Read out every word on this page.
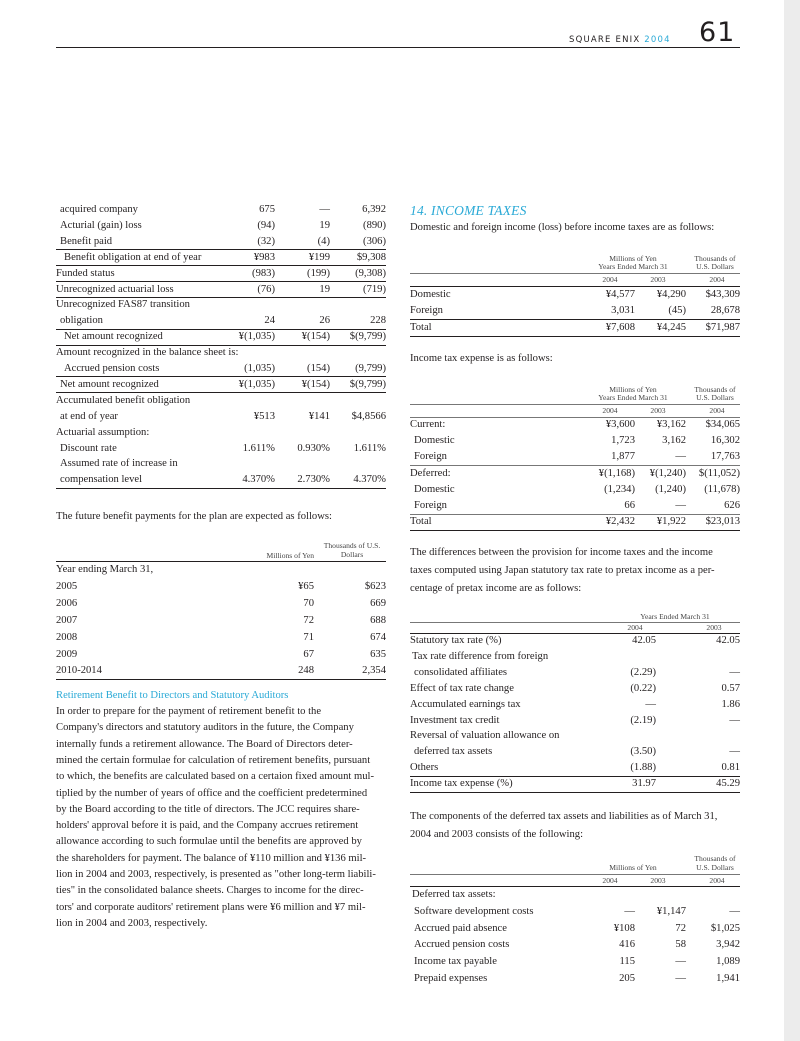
SQUARE ENIX 2004 61
acquired company	675	—	6,392
Acturial (gain) loss	(94)	19	(890)
Benefit paid	(32)	(4)	(306)
Benefit obligation at end of year	¥983	¥199	$9,308
Funded status	(983)	(199)	(9,308)
Unrecognized actuarial loss	(76)	19	(719)
Unrecognized FAS87 transition
obligation	24	26	228
Net amount recognized	¥(1,035)	¥(154)	$(9,799)
Amount recognized in the balance sheet is:
Accrued pension costs	(1,035)	(154)	(9,799)
Net amount recognized	¥(1,035)	¥(154)	$(9,799)
Accumulated benefit obligation
at end of year	¥513	¥141	$4,8566
Actuarial assumption:
Discount rate	1.611%	0.930%	1.611%
Assumed rate of increase in
compensation level	4.370%	2.730%	4.370%
The future benefit payments for the plan are expected as follows:
Millions of Yen
Thousands of U.S.
Dollars
Year ending March 31,
2005	¥65	$623
2006	70	669
2007	72	688
2008	71	674
2009	67	635
2010-2014	248	2,354
Retirement Benefit to Directors and Statutory Auditors
In order to prepare for the payment of retirement benefit to the
Company's directors and statutory auditors in the future, the Company
internally funds a retirement allowance. The Board of Directors deter-
mined the certain formulae for calculation of retirement benefits, pursuant
to which, the benefits are calculated based on a certaion fixed amount mul-
tiplied by the number of years of office and the coefficient predetermined
by the Board according to the title of directors. The JCC requires share-
holders' approval before it is paid, and the Company accrues retirement
allowance according to such formulae until the benefits are approved by
the shareholders for payment. The balance of ¥110 million and ¥136 mil-
lion in 2004 and 2003, respectively, is presented as "other long-term liabili-
ties" in the consolidated balance sheets. Charges to income for the direc-
tors' and corporate auditors' retirement plans were ¥6 million and ¥7 mil-
lion in 2004 and 2003, respectively.
14. INCOME TAXES
Domestic and foreign income (loss) before income taxes are as follows:
Millions of Yen
Years Ended March 31
Thousands of
U.S. Dollars
2004	2003	2004
Domestic	¥4,577	¥4,290	$43,309
Foreign	3,031	(45)	28,678
Total	¥7,608	¥4,245	$71,987
Income tax expense is as follows:
Millions of Yen
Years Ended March 31
Thousands of
U.S. Dollars
2004	2003	2004
Current:	¥3,600	¥3,162	$34,065
Domestic	1,723	3,162	16,302
Foreign	1,877	—	17,763
Deferred:	¥(1,168)	¥(1,240)	$(11,052)
Domestic	(1,234)	(1,240)	(11,678)
Foreign	66	—	626
Total	¥2,432	¥1,922	$23,013
The differences between the provision for income taxes and the income
taxes computed using Japan statutory tax rate to pretax income as a per-
centage of pretax income are as follows:
Years Ended March 31
2004	2003
Statutory tax rate (%)	42.05	42.05
Tax rate difference from foreign
consolidated affiliates	(2.29)	—
Effect of tax rate change	(0.22)	0.57
Accumulated earnings tax	—	1.86
Investment tax credit	(2.19)	—
Reversal of valuation allowance on
deferred tax assets	(3.50)	—
Others	(1.88)	0.81
Income tax expense (%)	31.97	45.29
The components of the deferred tax assets and liabilities as of March 31,
2004 and 2003 consists of the following:
Millions of Yen
Thousands of
U.S. Dollars
2004	2003	2004
Deferred tax assets:
Software development costs	—	¥1,147	—
Accrued paid absence	¥108	72	$1,025
Accrued pension costs	416	58	3,942
Income tax payable	115	—	1,089
Prepaid expenses	205	—	1,941
